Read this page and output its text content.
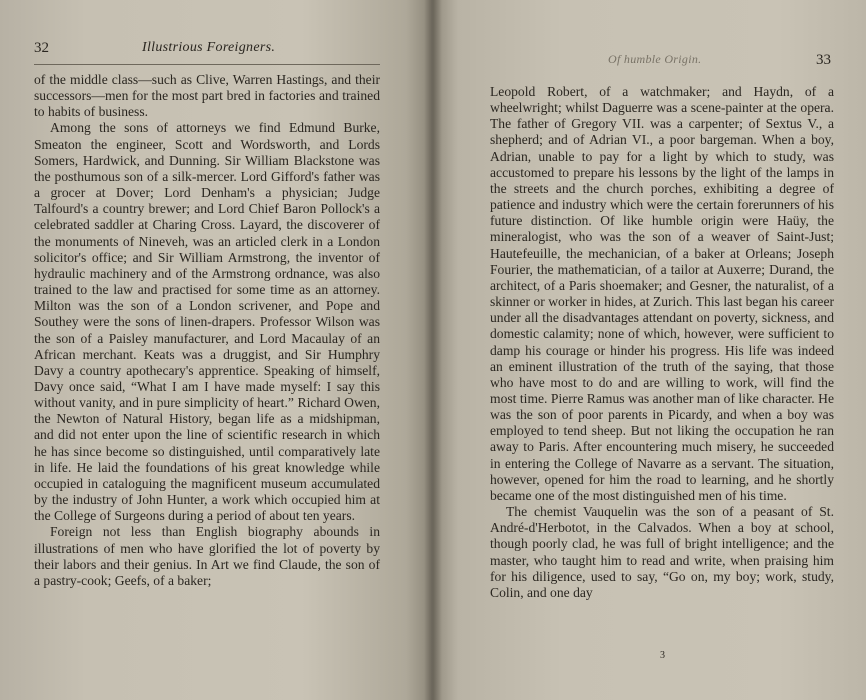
32	Illustrious Foreigners.

of the middle class—such as Clive, Warren Hastings, and their successors—men for the most part bred in factories and trained to habits of business.

Among the sons of attorneys we find Edmund Burke, Smeaton the engineer, Scott and Wordsworth, and Lords Somers, Hardwick, and Dunning. Sir William Blackstone was the posthumous son of a silk-mercer. Lord Gifford's father was a grocer at Dover; Lord Denham's a physician; Judge Talfourd's a country brewer; and Lord Chief Baron Pollock's a celebrated saddler at Charing Cross. Layard, the discoverer of the monuments of Nineveh, was an articled clerk in a London solicitor's office; and Sir William Armstrong, the inventor of hydraulic machinery and of the Armstrong ordnance, was also trained to the law and practised for some time as an attorney. Milton was the son of a London scrivener, and Pope and Southey were the sons of linen-drapers. Professor Wilson was the son of a Paisley manufacturer, and Lord Macaulay of an African merchant. Keats was a druggist, and Sir Humphry Davy a country apothecary's apprentice. Speaking of himself, Davy once said, “What I am I have made myself: I say this without vanity, and in pure simplicity of heart.” Richard Owen, the Newton of Natural History, began life as a midshipman, and did not enter upon the line of scientific research in which he has since become so distinguished, until comparatively late in life. He laid the foundations of his great knowledge while occupied in cataloguing the magnificent museum accumulated by the industry of John Hunter, a work which occupied him at the College of Surgeons during a period of about ten years.

Foreign not less than English biography abounds in illustrations of men who have glorified the lot of poverty by their labors and their genius. In Art we find Claude, the son of a pastry-cook; Geefs, of a baker;

Of humble Origin.	33

Leopold Robert, of a watchmaker; and Haydn, of a wheelwright; whilst Daguerre was a scene-painter at the opera. The father of Gregory VII. was a carpenter; of Sextus V., a shepherd; and of Adrian VI., a poor bargeman. When a boy, Adrian, unable to pay for a light by which to study, was accustomed to prepare his lessons by the light of the lamps in the streets and the church porches, exhibiting a degree of patience and industry which were the certain forerunners of his future distinction. Of like humble origin were Haüy, the mineralogist, who was the son of a weaver of Saint-Just; Hautefeuille, the mechanician, of a baker at Orleans; Joseph Fourier, the mathematician, of a tailor at Auxerre; Durand, the architect, of a Paris shoemaker; and Gesner, the naturalist, of a skinner or worker in hides, at Zurich. This last began his career under all the disadvantages attendant on poverty, sickness, and domestic calamity; none of which, however, were sufficient to damp his courage or hinder his progress. His life was indeed an eminent illustration of the truth of the saying, that those who have most to do and are willing to work, will find the most time. Pierre Ramus was another man of like character. He was the son of poor parents in Picardy, and when a boy was employed to tend sheep. But not liking the occupation he ran away to Paris. After encountering much misery, he succeeded in entering the College of Navarre as a servant. The situation, however, opened for him the road to learning, and he shortly became one of the most distinguished men of his time.

The chemist Vauquelin was the son of a peasant of St. André-d'Herbotot, in the Calvados. When a boy at school, though poorly clad, he was full of bright intelligence; and the master, who taught him to read and write, when praising him for his diligence, used to say, “Go on, my boy; work, study, Colin, and one day

3
